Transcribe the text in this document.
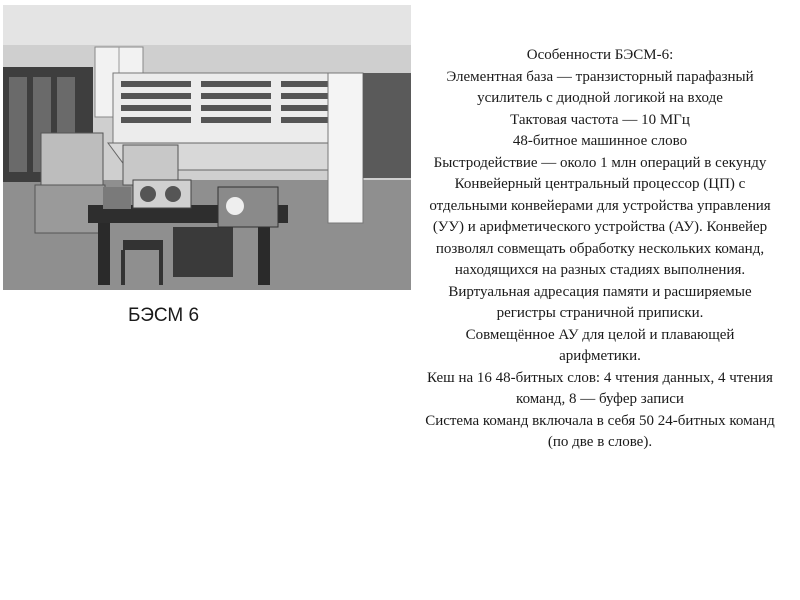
БЭСМ 6

Особенности БЭСМ-6:

Элементная база — транзисторный парафазный усилитель с диодной логикой на входе

Тактовая частота — 10 МГц

48-битное машинное слово

Быстродействие — около 1 млн операций в секунду Конвейерный центральный процессор (ЦП) с отдельными конвейерами для устройства управления (УУ) и арифметического устройства (АУ). Конвейер позволял совмещать обработку нескольких команд, находящихся на разных стадиях выполнения.

Виртуальная адресация памяти и расширяемые регистры страничной приписки.

Совмещённое АУ для целой и плавающей арифметики.

Кеш на 16 48-битных слов: 4 чтения данных, 4 чтения команд, 8 — буфер записи

Система команд включала в себя 50 24-битных команд (по две в слове).
